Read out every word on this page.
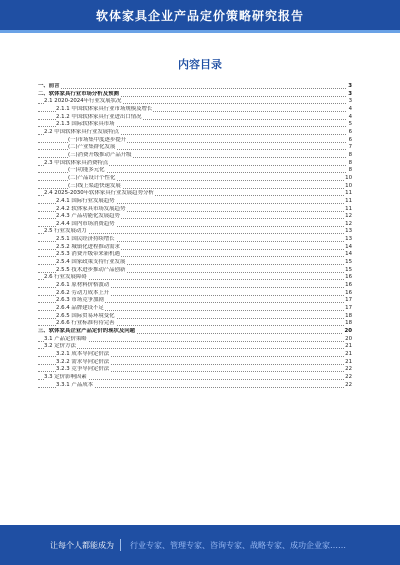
软体家具企业产品定价策略研究报告
内容目录
一、前言	3
二、软体家具行业市场分析及预测	3
2.1 2020-2024年行业发展状况	3
2.1.1 中国软体家具行业市场规模及增长	4
2.1.2 中国软体家具行业进出口情况	4
2.1.3 国际软体家具市场	5
2.2 中国软体家具行业发展特点	6
(一)市场集中度逐步提升	6
(二)产业集群化发展	7
(三)消费升级推动产品升级	8
2.3 中国软体家具消费特点	8
(一)功能多元化	8
(二)产品设计个性化	10
(三)线上渠道快速发展	10
2.4 2025-2030年软体家具行业发展趋势分析	11
2.4.1 国际行业发展趋势	11
2.4.2 软体家具市场发展趋势	11
2.4.3 产品功能化发展趋势	12
2.4.4 国内市场消费趋势	12
2.5 行业发展动力	13
2.5.1 国民经济持续增长	13
2.5.2 城镇化进程推动需求	14
2.5.3 消费升级带来新机遇	14
2.5.4 国家政策支持行业发展	15
2.5.5 技术进步推动产品创新	15
2.6 行业发展障碍	16
2.6.1 原材料价格波动	16
2.6.2 劳动力成本上升	16
2.6.3 市场竞争加剧	17
2.6.4 品牌建设不足	17
2.6.5 国际贸易环境变化	18
2.6.6 行业标准有待完善	18
三、软体家具企业产品定价的现状及问题	20
3.1 产品定价策略	20
3.2 定价方法	21
3.2.1 成本导向定价法	21
3.2.2 需求导向定价法	21
3.2.3 竞争导向定价法	22
3.3 定价影响因素	22
3.3.1 产品成本	22
让每个人都能成为 行业专家、管理专家、咨询专家、战略专家、成功企业家……
